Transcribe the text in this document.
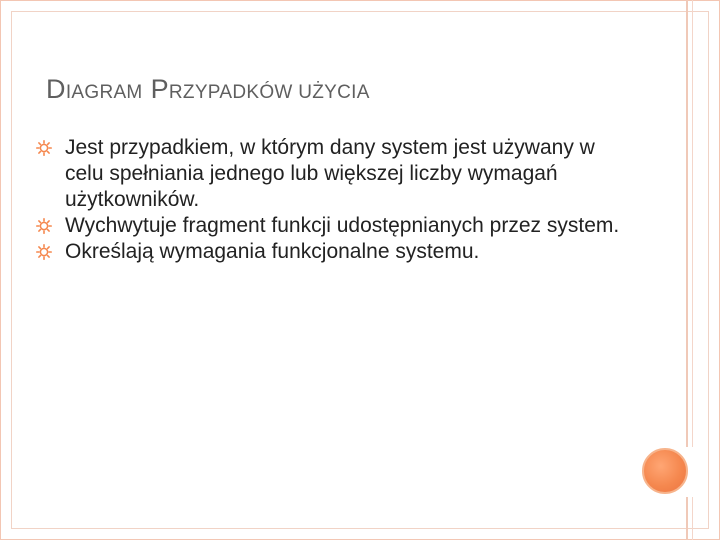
DIAGRAM PRZYPADKÓW UŻYCIA
Jest przypadkiem, w którym dany system jest używany w celu spełniania jednego lub większej liczby wymagań użytkowników.
Wychwytuje fragment funkcji udostępnianych przez system.
Określają wymagania funkcjonalne systemu.
